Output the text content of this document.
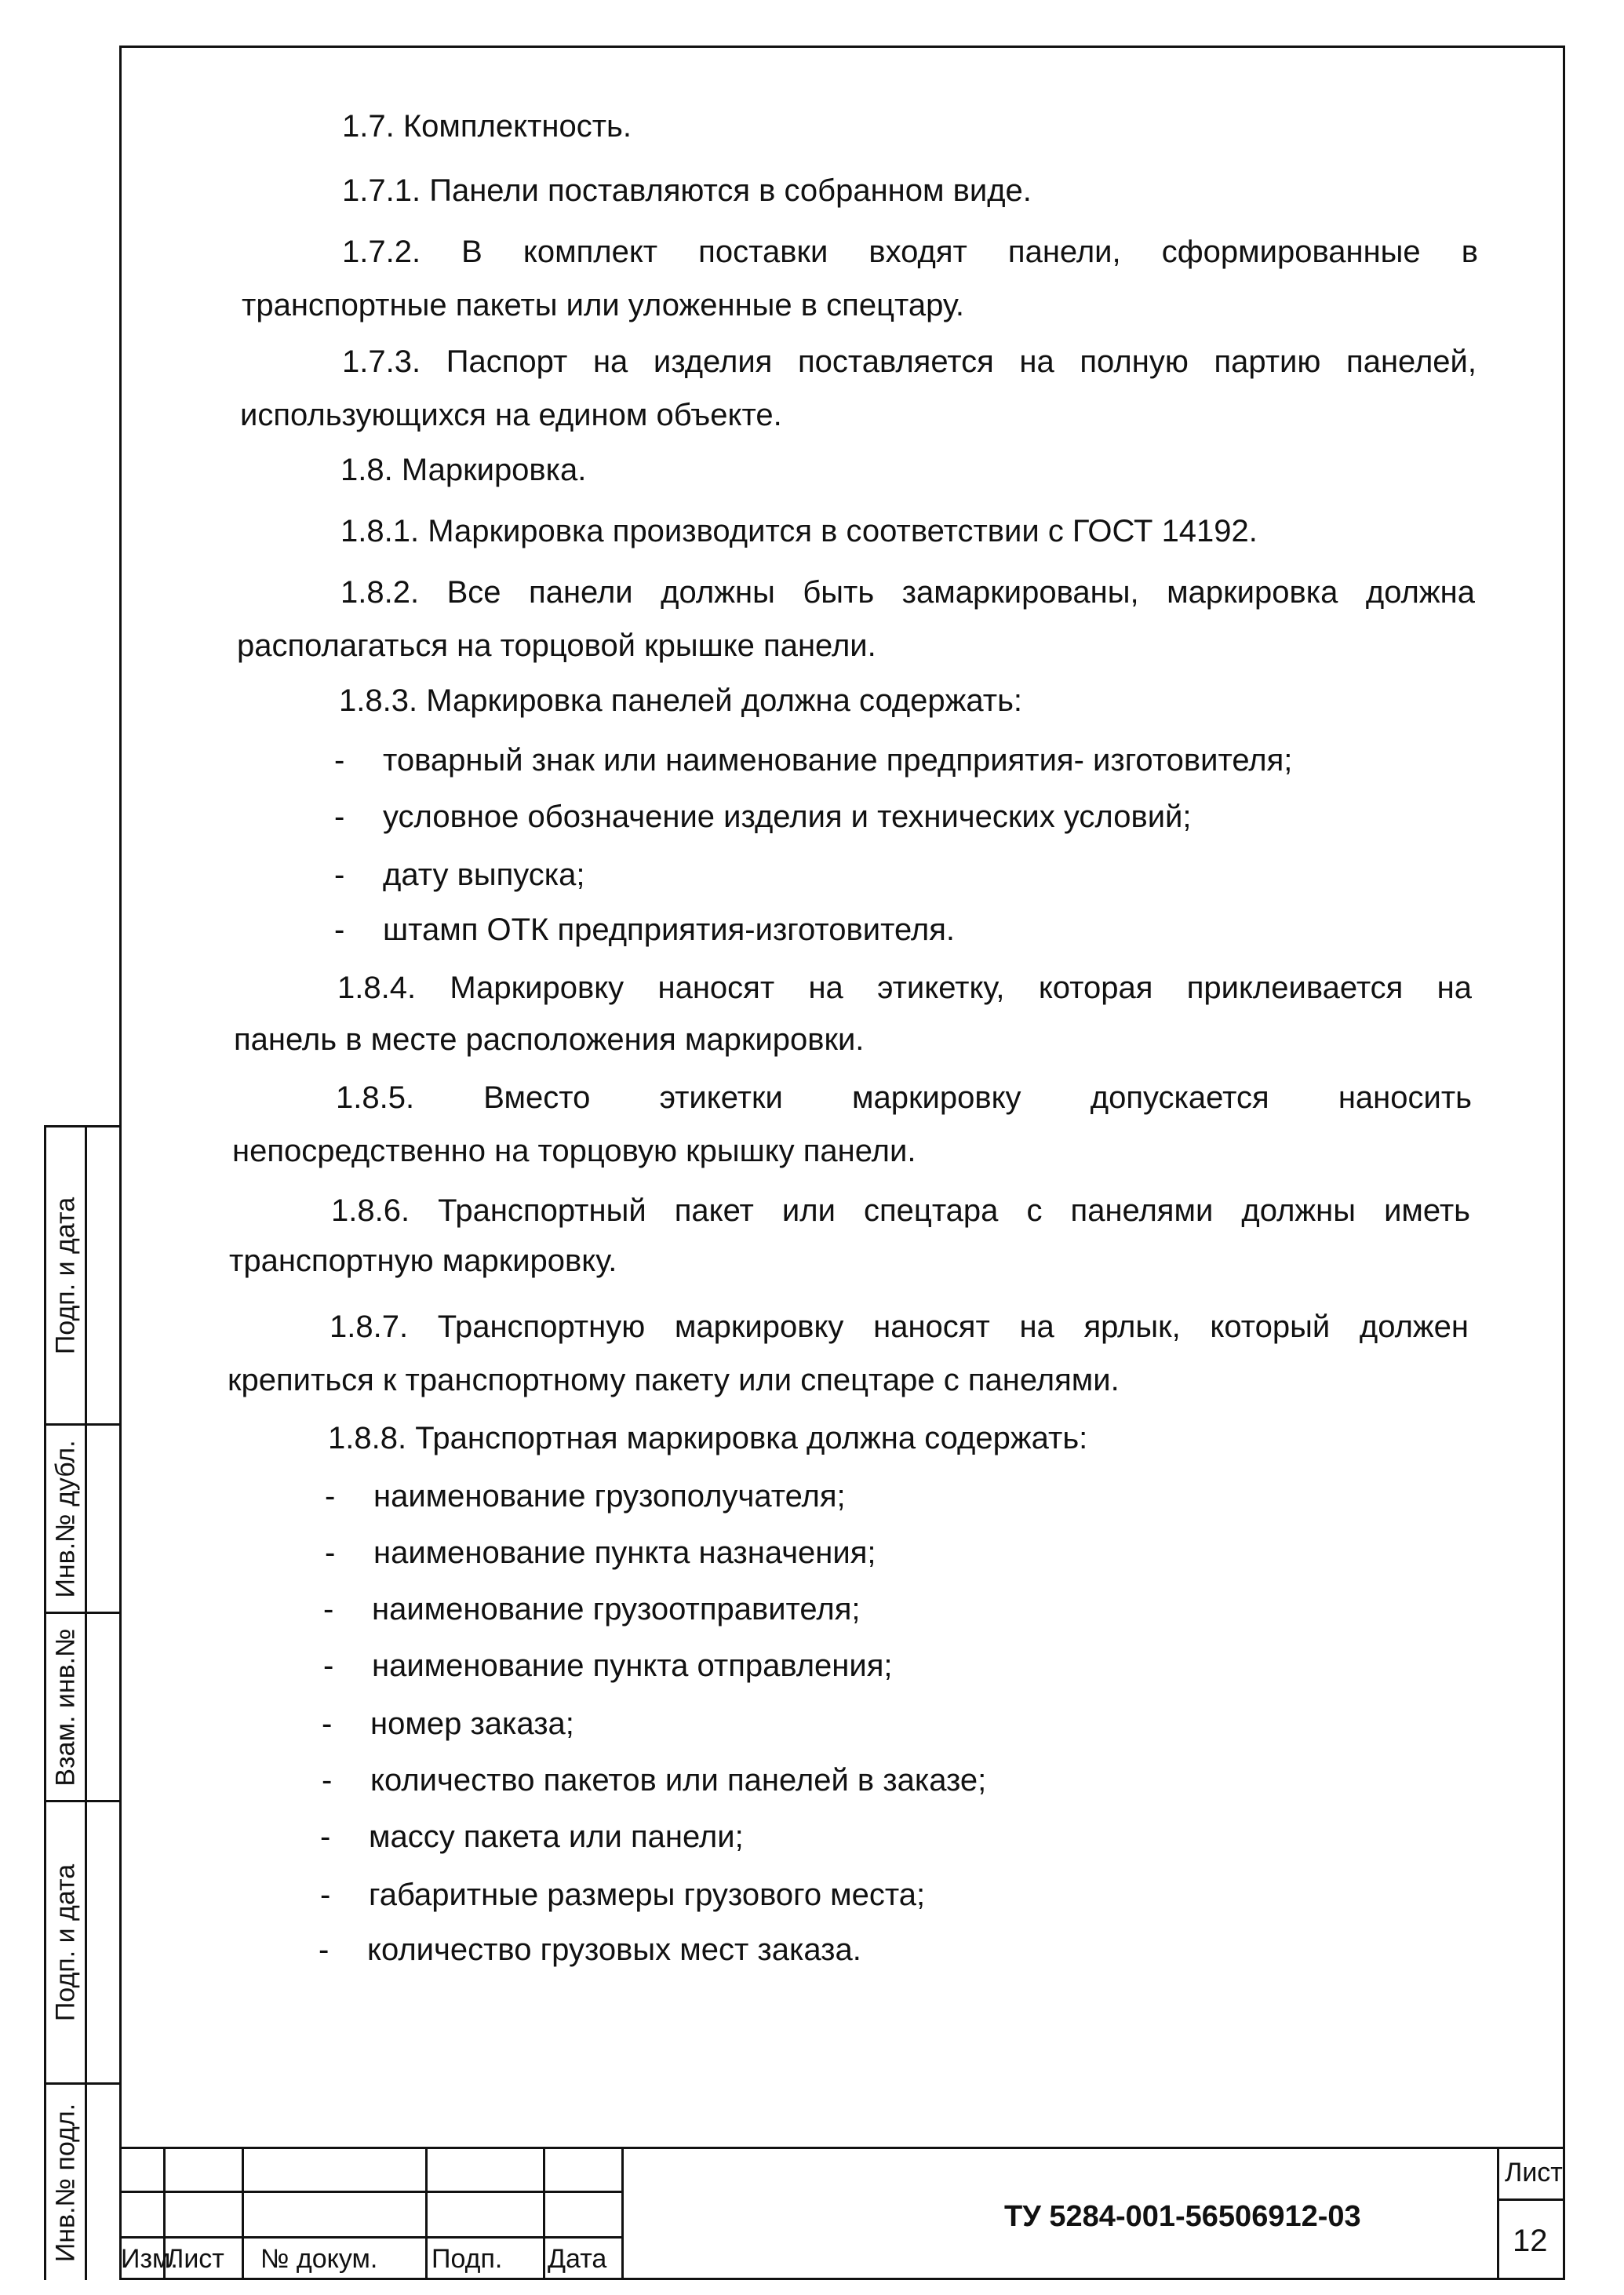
1.7. Комплектность.
1.7.1. Панели поставляются в собранном виде.
1.7.2. В комплект поставки входят панели, сформированные в
транспортные пакеты или уложенные в спецтару.
1.7.3. Паспорт на изделия поставляется на полную партию панелей,
использующихся на едином объекте.
1.8. Маркировка.
1.8.1. Маркировка производится в соответствии с ГОСТ 14192.
1.8.2. Все панели должны быть замаркированы, маркировка должна
располагаться на торцовой крышке панели.
1.8.3. Маркировка панелей должна содержать:
- товарный знак или наименование предприятия- изготовителя;
- условное обозначение изделия и технических условий;
- дату выпуска;
- штамп ОТК предприятия-изготовителя.
1.8.4. Маркировку наносят на этикетку, которая приклеивается на
панель в месте расположения маркировки.
1.8.5. Вместо этикетки маркировку допускается наносить
непосредственно на торцовую крышку панели.
1.8.6. Транспортный пакет или спецтара с панелями должны иметь
транспортную маркировку.
1.8.7. Транспортную маркировку наносят на ярлык, который должен
крепиться к транспортному пакету или спецтаре с панелями.
1.8.8. Транспортная маркировка должна содержать:
- наименование грузополучателя;
- наименование пункта назначения;
- наименование грузоотправителя;
- наименование пункта отправления;
- номер заказа;
- количество пакетов или панелей в заказе;
- массу пакета или панели;
- габаритные размеры грузового места;
- количество грузовых мест заказа.
Подп. и дата
Инв.№ дубл.
Взам. инв.№
Подп. и дата
Инв.№ подл. Изм.
Лист № докум. Подп. Дата
ТУ 5284-001-56506912-03
Лист
12
